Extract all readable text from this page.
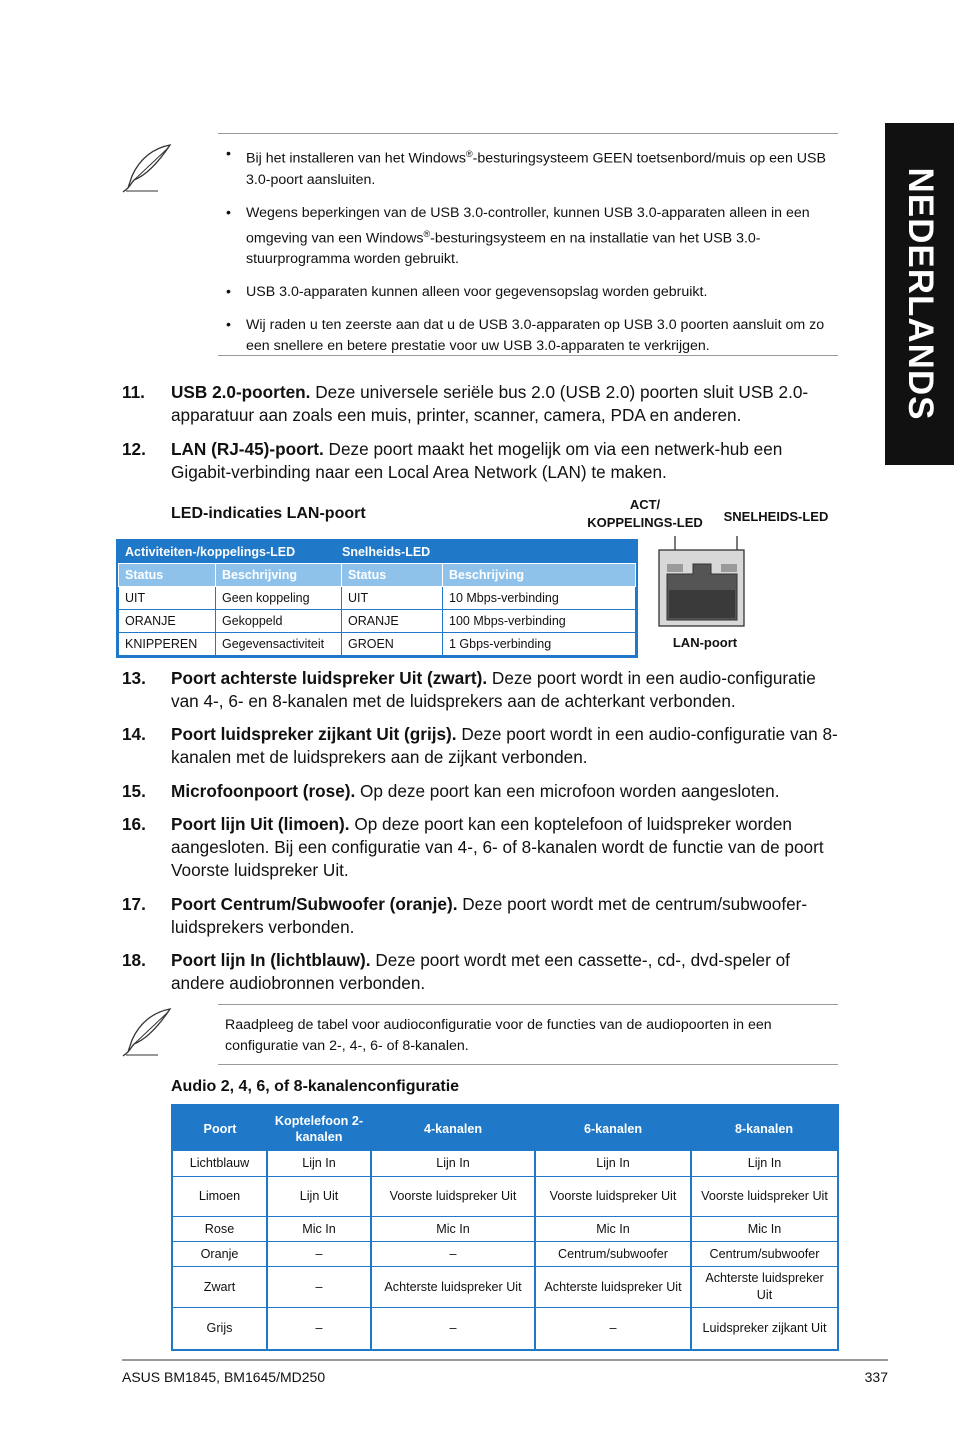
NEDERLANDS
• Bij het installeren van het Windows®-besturingsysteem GEEN toetsenbord/muis op een USB 3.0-poort aansluiten.

• Wegens beperkingen van de USB 3.0-controller, kunnen USB 3.0-apparaten alleen in een omgeving van een Windows®-besturingsysteem en na installatie van het USB 3.0-stuurprogramma worden gebruikt.

• USB 3.0-apparaten kunnen alleen voor gegevensopslag worden gebruikt.

• Wij raden u ten zeerste aan dat u de USB 3.0-apparaten op USB 3.0 poorten aansluit om zo een snellere en betere prestatie voor uw USB 3.0-apparaten te verkrijgen.

11. USB 2.0-poorten. Deze universele seriële bus 2.0 (USB 2.0) poorten sluit USB 2.0-apparatuur aan zoals een muis, printer, scanner, camera, PDA en anderen.
12. LAN (RJ-45)-poort. Deze poort maakt het mogelijk om via een netwerk-hub een Gigabit-verbinding naar een Local Area Network (LAN) te maken.
LED-indicaties LAN-poort
Activiteiten-/koppelings-LED	Snelheids-LED
Status	Beschrijving	Status	Beschrijving
UIT	Geen koppeling	UIT	10 Mbps-verbinding
ORANJE	Gekoppeld	ORANJE	100 Mbps-verbinding
KNIPPEREN	Gegevensactiviteit	GROEN	1 Gbps-verbinding
ACT/
KOPPELINGS-LED	SNELHEIDS-LED
LAN-poort
13. Poort achterste luidspreker Uit (zwart). Deze poort wordt in een audio-configuratie van 4-, 6- en 8-kanalen met de luidsprekers aan de achterkant verbonden.
14. Poort luidspreker zijkant Uit (grijs). Deze poort wordt in een audio-configuratie van 8-kanalen met de luidsprekers aan de zijkant verbonden.
15. Microfoonpoort (rose). Op deze poort kan een microfoon worden aangesloten.
16. Poort lijn Uit (limoen). Op deze poort kan een koptelefoon of luidspreker worden aangesloten. Bij een configuratie van 4-, 6- of 8-kanalen wordt de functie van de poort Voorste luidspreker Uit.
17. Poort Centrum/Subwoofer (oranje). Deze poort wordt met de centrum/subwoofer-luidsprekers verbonden.
18. Poort lijn In (lichtblauw). Deze poort wordt met een cassette-, cd-, dvd-speler of andere audiobronnen verbonden.
Raadpleeg de tabel voor audioconfiguratie voor de functies van de audiopoorten in een configuratie van 2-, 4-, 6- of 8-kanalen.
Audio 2, 4, 6, of 8-kanalenconfiguratie
Poort	Koptelefoon 2-kanalen	4-kanalen	6-kanalen	8-kanalen
Lichtblauw	Lijn In	Lijn In	Lijn In	Lijn In
Limoen	Lijn Uit	Voorste luidspreker Uit	Voorste luidspreker Uit	Voorste luidspreker Uit
Rose	Mic In	Mic In	Mic In	Mic In
Oranje	–	–	Centrum/subwoofer	Centrum/subwoofer
Zwart	–	Achterste luidspreker Uit	Achterste luidspreker Uit	Achterste luidspreker Uit
Grijs	–	–	–	Luidspreker zijkant Uit
ASUS BM1845, BM1645/MD250	337
